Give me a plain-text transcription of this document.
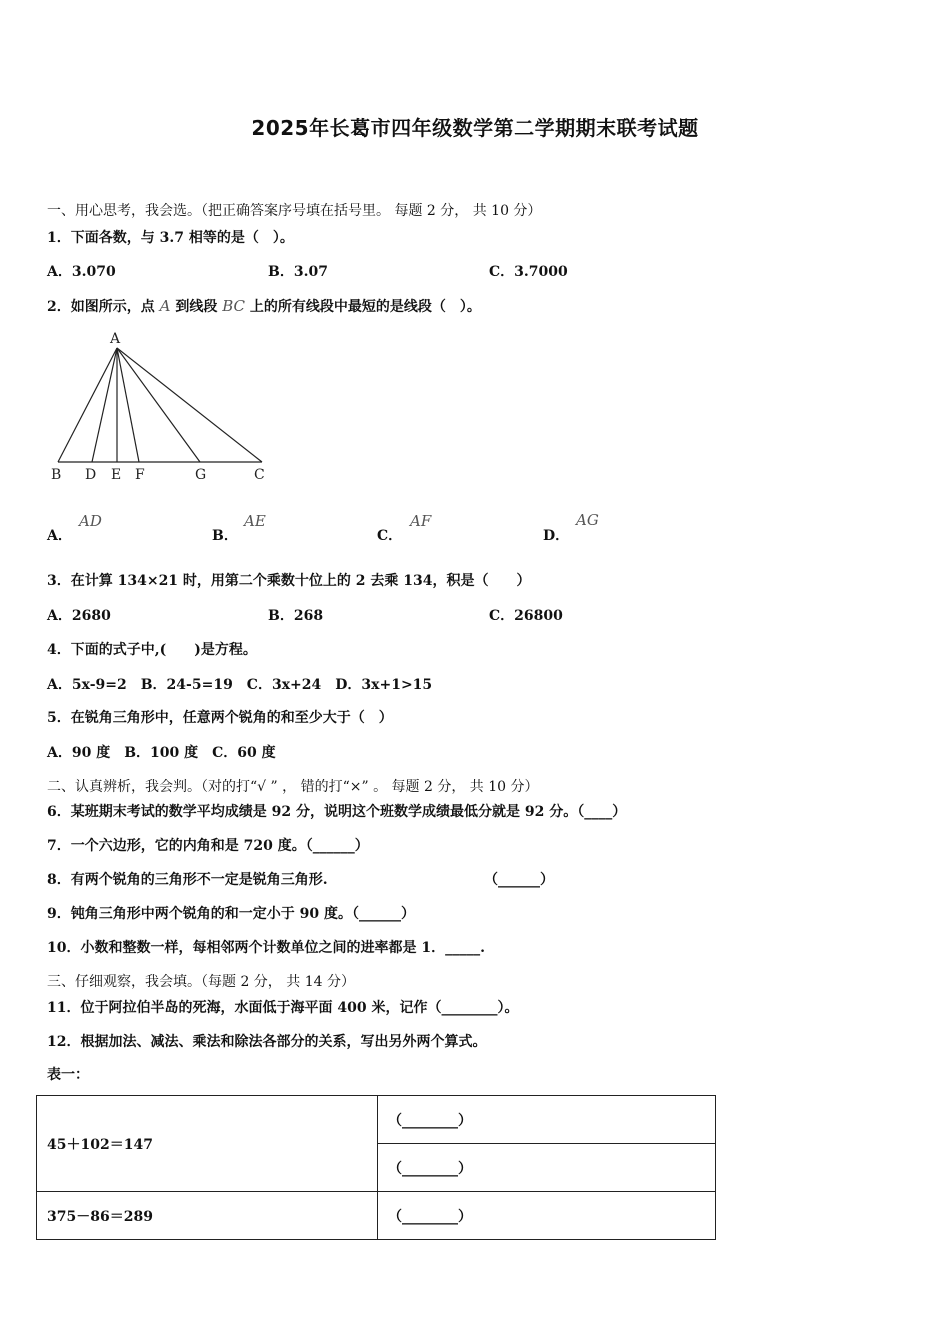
2025年长葛市四年级数学第二学期期末联考试题
一、用心思考，我会选。（把正确答案序号填在括号里。 每题 2 分， 共 10 分）
1．下面各数，与 3.7 相等的是（　）。
A．3.070	B．3.07	C．3.7000
2．如图所示，点 A 到线段 BC 上的所有线段中最短的是线段（　）。
A
B D E F	G	C
A．
AD
B．
AE
C．
AF
D．
AG
3．在计算 134×21 时，用第二个乘数十位上的 2 去乘 134，积是（　　）
A．2680	B．268	C．26800
4．下面的式子中,(　　)是方程。
A．5x-9=2　B．24-5=19　C．3x+24　D．3x+1>15
5．在锐角三角形中，任意两个锐角的和至少大于（　）
A．90 度　B．100 度　C．60 度
二、认真辨析，我会判。（对的打“√ ” ， 错的打“×” 。 每题 2 分， 共 10 分）
6．某班期末考试的数学平均成绩是 92 分，说明这个班数学成绩最低分就是 92 分。（____）
7．一个六边形，它的内角和是 720 度。（______）
8．有两个锐角的三角形不一定是锐角三角形.	（______）
9．钝角三角形中两个锐角的和一定小于 90 度。（______）
10．小数和整数一样，每相邻两个计数单位之间的进率都是 1．_____.
三、仔细观察，我会填。（每题 2 分， 共 14 分）
11．位于阿拉伯半岛的死海，水面低于海平面 400 米，记作（________）。
12．根据加法、减法、乘法和除法各部分的关系，写出另外两个算式。
表一：
45＋102＝147	（________）
	（________）
375－86＝289	（________）
